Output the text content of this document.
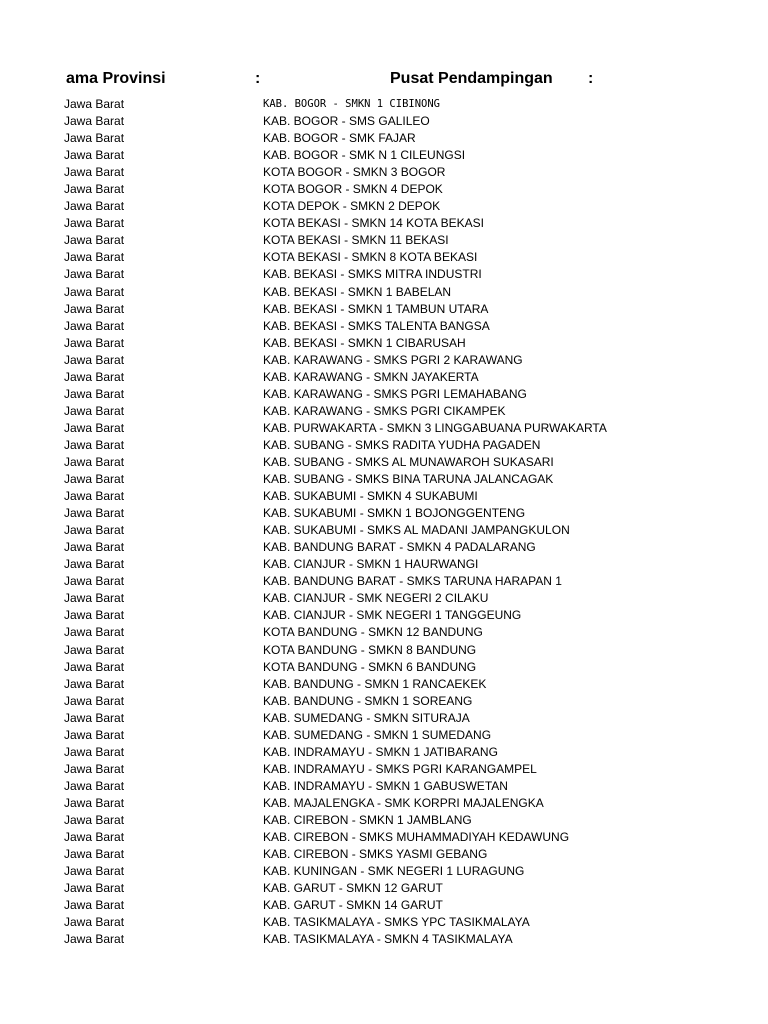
ama Provinsi	:	Pusat Pendampingan :
Jawa Barat	KAB. BOGOR - SMKN 1 CIBINONG
Jawa Barat	KAB. BOGOR - SMS GALILEO
Jawa Barat	KAB. BOGOR - SMK FAJAR
Jawa Barat	KAB. BOGOR - SMK N 1 CILEUNGSI
Jawa Barat	KOTA BOGOR - SMKN 3 BOGOR
Jawa Barat	KOTA BOGOR - SMKN 4 DEPOK
Jawa Barat	KOTA DEPOK - SMKN 2 DEPOK
Jawa Barat	KOTA BEKASI - SMKN 14 KOTA BEKASI
Jawa Barat	KOTA BEKASI - SMKN 11 BEKASI
Jawa Barat	KOTA BEKASI - SMKN 8 KOTA BEKASI
Jawa Barat	KAB. BEKASI - SMKS MITRA INDUSTRI
Jawa Barat	KAB. BEKASI - SMKN 1 BABELAN
Jawa Barat	KAB. BEKASI - SMKN 1 TAMBUN UTARA
Jawa Barat	KAB. BEKASI - SMKS TALENTA BANGSA
Jawa Barat	KAB. BEKASI - SMKN 1 CIBARUSAH
Jawa Barat	KAB. KARAWANG - SMKS PGRI 2 KARAWANG
Jawa Barat	KAB. KARAWANG - SMKN JAYAKERTA
Jawa Barat	KAB. KARAWANG - SMKS PGRI LEMAHABANG
Jawa Barat	KAB. KARAWANG - SMKS PGRI CIKAMPEK
Jawa Barat	KAB. PURWAKARTA - SMKN 3 LINGGABUANA PURWAKARTA
Jawa Barat	KAB. SUBANG - SMKS RADITA YUDHA PAGADEN
Jawa Barat	KAB. SUBANG - SMKS AL MUNAWAROH SUKASARI
Jawa Barat	KAB. SUBANG - SMKS BINA TARUNA JALANCAGAK
Jawa Barat	KAB. SUKABUMI - SMKN 4 SUKABUMI
Jawa Barat	KAB. SUKABUMI - SMKN 1 BOJONGGENTENG
Jawa Barat	KAB. SUKABUMI - SMKS AL MADANI JAMPANGKULON
Jawa Barat	KAB. BANDUNG BARAT - SMKN 4 PADALARANG
Jawa Barat	KAB. CIANJUR - SMKN 1 HAURWANGI
Jawa Barat	KAB. BANDUNG BARAT - SMKS TARUNA HARAPAN 1
Jawa Barat	KAB. CIANJUR - SMK NEGERI 2 CILAKU
Jawa Barat	KAB. CIANJUR - SMK NEGERI 1 TANGGEUNG
Jawa Barat	KOTA BANDUNG - SMKN 12 BANDUNG
Jawa Barat	KOTA BANDUNG - SMKN 8 BANDUNG
Jawa Barat	KOTA BANDUNG - SMKN 6 BANDUNG
Jawa Barat	KAB. BANDUNG - SMKN 1 RANCAEKEK
Jawa Barat	KAB. BANDUNG - SMKN 1 SOREANG
Jawa Barat	KAB. SUMEDANG - SMKN SITURAJA
Jawa Barat	KAB. SUMEDANG - SMKN 1 SUMEDANG
Jawa Barat	KAB. INDRAMAYU - SMKN 1 JATIBARANG
Jawa Barat	KAB. INDRAMAYU - SMKS PGRI KARANGAMPEL
Jawa Barat	KAB. INDRAMAYU - SMKN 1 GABUSWETAN
Jawa Barat	KAB. MAJALENGKA - SMK KORPRI MAJALENGKA
Jawa Barat	KAB. CIREBON - SMKN 1 JAMBLANG
Jawa Barat	KAB. CIREBON - SMKS MUHAMMADIYAH KEDAWUNG
Jawa Barat	KAB. CIREBON - SMKS YASMI GEBANG
Jawa Barat	KAB. KUNINGAN - SMK NEGERI 1 LURAGUNG
Jawa Barat	KAB. GARUT - SMKN 12 GARUT
Jawa Barat	KAB. GARUT - SMKN 14 GARUT
Jawa Barat	KAB. TASIKMALAYA - SMKS YPC TASIKMALAYA
Jawa Barat	KAB. TASIKMALAYA - SMKN 4 TASIKMALAYA
